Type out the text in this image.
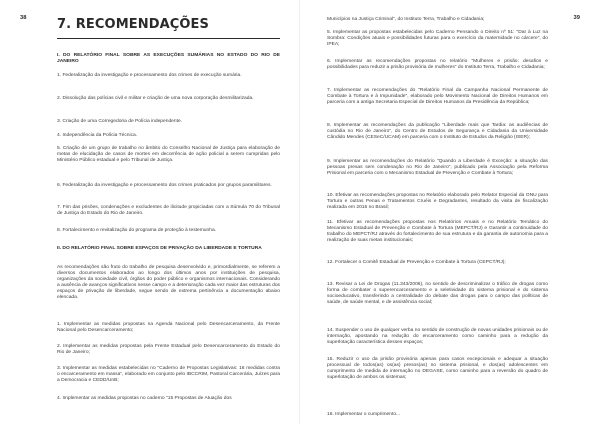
38 7. RECOMENDAÇÕES

I. DO RELATÓRIO FINAL SOBRE AS EXECUÇÕES SUMÁRIAS NO ESTADO DO RIO DE JANEIRO

1. Federalização da investigação e processamento dos crimes de execução sumária.

2. Dissolução das polícias civil e militar e criação de uma nova corporação desmilitarizada.

3. Criação de uma Corregedoria de Polícia independente.

4. Independência da Polícia Técnica.

5. Criação de um grupo de trabalho no âmbito do Conselho Nacional de Justiça para elaboração de metas de elucidação de casos de mortes em decorrência de ação policial a serem cumpridas pelo Ministério Público estadual e pelo Tribunal de Justiça.

6. Federalização da investigação e processamento dos crimes praticados por grupos paramilitares.

7. Fim das prisões, condenações e excludentes de ilicitude propiciadas com a Súmula 70 do Tribunal de Justiça do Estado do Rio de Janeiro.

8. Fortalecimento e revitalização do programa de proteção à testemunha.

II. DO RELATÓRIO FINAL SOBRE ESPAÇOS DE PRIVAÇÃO DA LIBERDADE E TORTURA

As recomendações são fruto do trabalho de pesquisa desenvolvido e, primordialmente, se referem a diversos documentos elaborados ao longo dos últimos anos por instituições de pesquisa, organizações da sociedade civil, órgãos do poder público e organismos internacionais. Considerando a ausência de avanços significativos nesse campo e a deterioração cada vez maior das estruturas dos espaços de privação de liberdade, segue sendo de extrema pertinência a documentação abaixo elencada.

1. Implementar as medidas propostas na Agenda Nacional pelo Desencarceramento, da Frente Nacional pelo Desencarceramento;

2. Implementar as medidas propostas pela Frente Estadual pelo Desencarceramento do Estado do Rio de Janeiro;

3. Implementar as medidas estabelecidas no "Caderno de Propostas Legislativas: 16 medidas contra o encarceramento em massa", elaborado em conjunto pelo IBCCRIM, Pastoral Carcerária, Juízes para a Democracia e CEDD/UnB;

4. Implementar as medidas propostas no caderno "15 Propostas de Atuação dos

39

Municípios na Justiça Criminal", do Instituto Terra, Trabalho e Cidadania;

5. Implementar as propostas estabelecidas pelo Caderno Pensando o Direito nº 51: "Dar à Luz na Sombra: Condições atuais e possibilidades futuras para o exercício da maternidade no cárcere", do IPEA;

6. Implementar as recomendações propostas no relatório "Mulheres e prisão: desafios e possibilidades para reduzir a prisão provisória de mulheres" do Instituto Terra, Trabalho e Cidadania;

7. Implementar as recomendações do "Relatório Final da Campanha Nacional Permanente de Combate à Tortura e à Impunidade", elaborado pelo Movimento Nacional de Direitos Humanos em parceria com a antiga Secretaria Especial de Direitos Humanos da Presidência da República;

8. Implementar as recomendações da publicação "Liberdade mais que Tardia: as audiências de custódia no Rio de Janeiro", do Centro de Estudos de Segurança e Cidadania da Universidade Cândido Mendes (CESeC/UCAM) em parceria com o Instituto de Estudos da Religião (ISER);

9. Implementar as recomendações do Relatório "Quando a Liberdade é Exceção: a situação das pessoas presas sem condenação no Rio de Janeiro", publicado pela Associação pela Reforma Prisional em parceria com o Mecanismo Estadual de Prevenção e Combate à Tortura;

10. Efetivar as recomendações propostas no Relatório elaborado pelo Relator Especial da ONU para Tortura e outras Penas e Tratamentos Cruéis e Degradantes, resultado da visita de fiscalização realizada em 2016 no Brasil;

11. Efetivar as recomendações propostas nos Relatórios Anuais e no Relatório Temático do Mecanismo Estadual de Prevenção e Combate à Tortura (MEPCT/RJ) e Garantir a continuidade do trabalho do MEPCT/RJ através do fortalecimento de sua estrutura e da garantia de autonomia para a realização de suas metas institucionais;

12. Fortalecer o Comitê Estadual de Prevenção e Combate à Tortura (CEPCT/RJ);

13. Revisar a Lei de Drogas (11.343/2006), no sentido de descriminalizar o tráfico de drogas como forma de combater o superencarceramento e a seletividade do sistema prisional e do sistema socioeducativo, transferindo a centralidade do debate das drogas para o campo das políticas de saúde, de saúde mental, e de assistência social;

14. Suspender o uso de qualquer verba no sentido de construção de novas unidades prisionais ou de internação, apostando na redução do encarceramento como caminho para a redução da superlotação característica desses espaços;

15. Reduzir o uso da prisão provisória apenas para casos excepcionais e adequar a situação processual de todos(as) os(as) presos(as) no sistema prisional, e dos(as) adolescentes em cumprimento de medida de internação no DEGASE, como caminho para a reversão do quadro de superlotação de ambos os sistemas;

16. Implementar o cumprimento...
